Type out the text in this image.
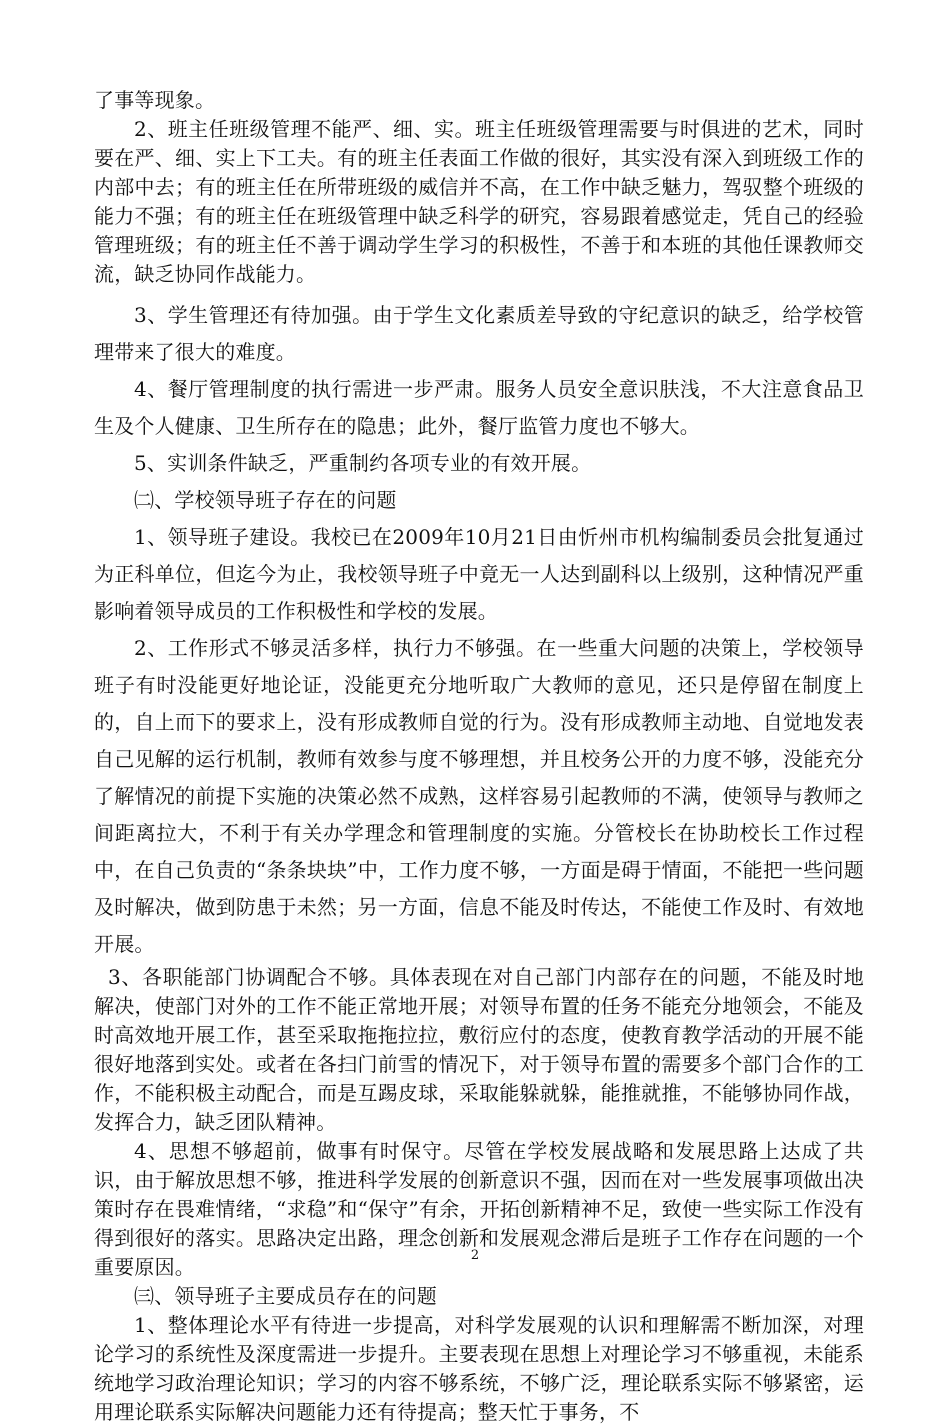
了事等现象。

2、班主任班级管理不能严、细、实。班主任班级管理需要与时俱进的艺术，同时要在严、细、实上下工夫。有的班主任表面工作做的很好，其实没有深入到班级工作的内部中去；有的班主任在所带班级的威信并不高，在工作中缺乏魅力，驾驭整个班级的能力不强；有的班主任在班级管理中缺乏科学的研究，容易跟着感觉走，凭自己的经验管理班级；有的班主任不善于调动学生学习的积极性，不善于和本班的其他任课教师交流，缺乏协同作战能力。

3、学生管理还有待加强。由于学生文化素质差导致的守纪意识的缺乏，给学校管理带来了很大的难度。

4、餐厅管理制度的执行需进一步严肃。服务人员安全意识肤浅，不大注意食品卫生及个人健康、卫生所存在的隐患；此外，餐厅监管力度也不够大。

5、实训条件缺乏，严重制约各项专业的有效开展。

㈡、学校领导班子存在的问题

1、领导班子建设。我校已在2009年10月21日由忻州市机构编制委员会批复通过为正科单位，但迄今为止，我校领导班子中竟无一人达到副科以上级别，这种情况严重影响着领导成员的工作积极性和学校的发展。

2、工作形式不够灵活多样，执行力不够强。在一些重大问题的决策上，学校领导班子有时没能更好地论证，没能更充分地听取广大教师的意见，还只是停留在制度上的，自上而下的要求上，没有形成教师自觉的行为。没有形成教师主动地、自觉地发表自己见解的运行机制，教师有效参与度不够理想，并且校务公开的力度不够，没能充分了解情况的前提下实施的决策必然不成熟，这样容易引起教师的不满，使领导与教师之间距离拉大，不利于有关办学理念和管理制度的实施。分管校长在协助校长工作过程中，在自己负责的“条条块块”中，工作力度不够，一方面是碍于情面，不能把一些问题及时解决，做到防患于未然；另一方面，信息不能及时传达，不能使工作及时、有效地开展。

3、各职能部门协调配合不够。具体表现在对自己部门内部存在的问题，不能及时地解决，使部门对外的工作不能正常地开展；对领导布置的任务不能充分地领会，不能及时高效地开展工作，甚至采取拖拖拉拉，敷衍应付的态度，使教育教学活动的开展不能很好地落到实处。或者在各扫门前雪的情况下，对于领导布置的需要多个部门合作的工作，不能积极主动配合，而是互踢皮球，采取能躲就躲，能推就推，不能够协同作战，发挥合力，缺乏团队精神。

4、思想不够超前，做事有时保守。尽管在学校发展战略和发展思路上达成了共识，由于解放思想不够，推进科学发展的创新意识不强，因而在对一些发展事项做出决策时存在畏难情绪，“求稳”和“保守”有余，开拓创新精神不足，致使一些实际工作没有得到很好的落实。思路决定出路，理念创新和发展观念滞后是班子工作存在问题的一个重要原因。

㈢、领导班子主要成员存在的问题

1、整体理论水平有待进一步提高，对科学发展观的认识和理解需不断加深，对理论学习的系统性及深度需进一步提升。主要表现在思想上对理论学习不够重视，未能系统地学习政治理论知识；学习的内容不够系统，不够广泛，理论联系实际不够紧密，运用理论联系实际解决问题能力还有待提高；整天忙于事务，不

2
